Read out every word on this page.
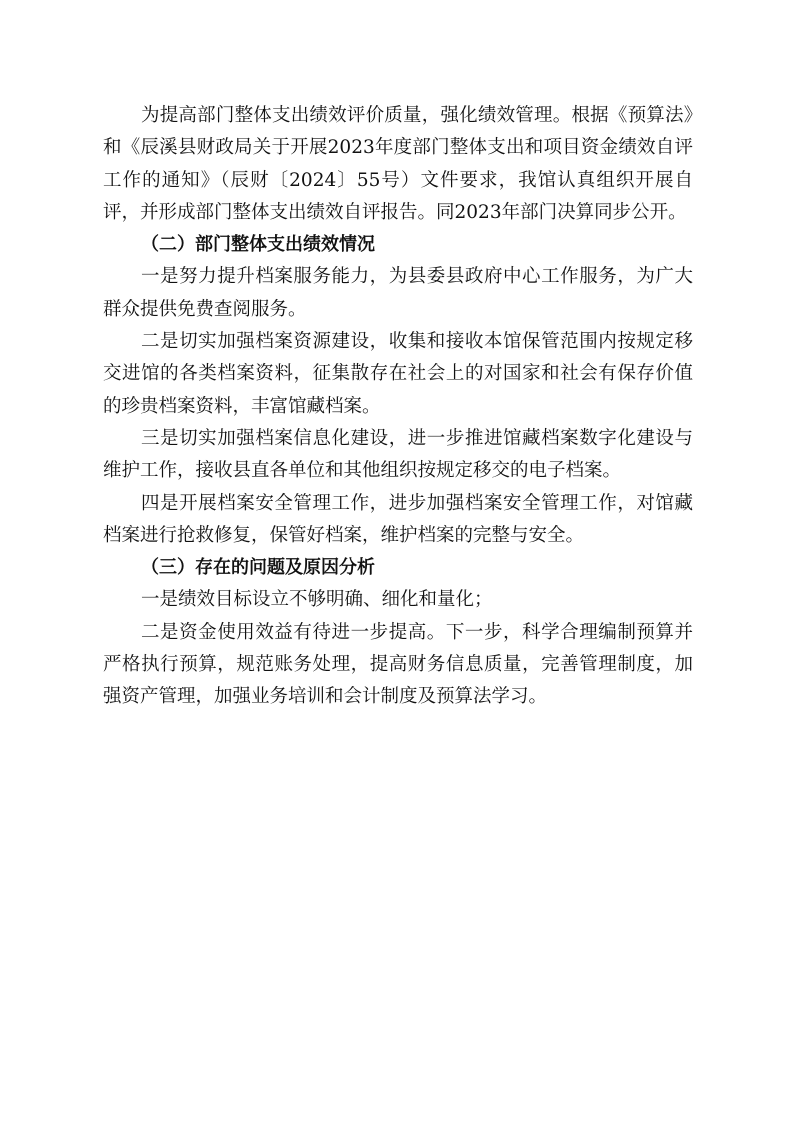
为提高部门整体支出绩效评价质量，强化绩效管理。根据《预算法》和《辰溪县财政局关于开展2023年度部门整体支出和项目资金绩效自评工作的通知》（辰财〔2024〕55号）文件要求，我馆认真组织开展自评，并形成部门整体支出绩效自评报告。同2023年部门决算同步公开。

（二）部门整体支出绩效情况

一是努力提升档案服务能力，为县委县政府中心工作服务，为广大群众提供免费查阅服务。

二是切实加强档案资源建设，收集和接收本馆保管范围内按规定移交进馆的各类档案资料，征集散存在社会上的对国家和社会有保存价值的珍贵档案资料，丰富馆藏档案。

三是切实加强档案信息化建设，进一步推进馆藏档案数字化建设与维护工作，接收县直各单位和其他组织按规定移交的电子档案。

四是开展档案安全管理工作，进步加强档案安全管理工作，对馆藏档案进行抢救修复，保管好档案，维护档案的完整与安全。

（三）存在的问题及原因分析

一是绩效目标设立不够明确、细化和量化；

二是资金使用效益有待进一步提高。下一步，科学合理编制预算并严格执行预算，规范账务处理，提高财务信息质量，完善管理制度，加强资产管理，加强业务培训和会计制度及预算法学习。
